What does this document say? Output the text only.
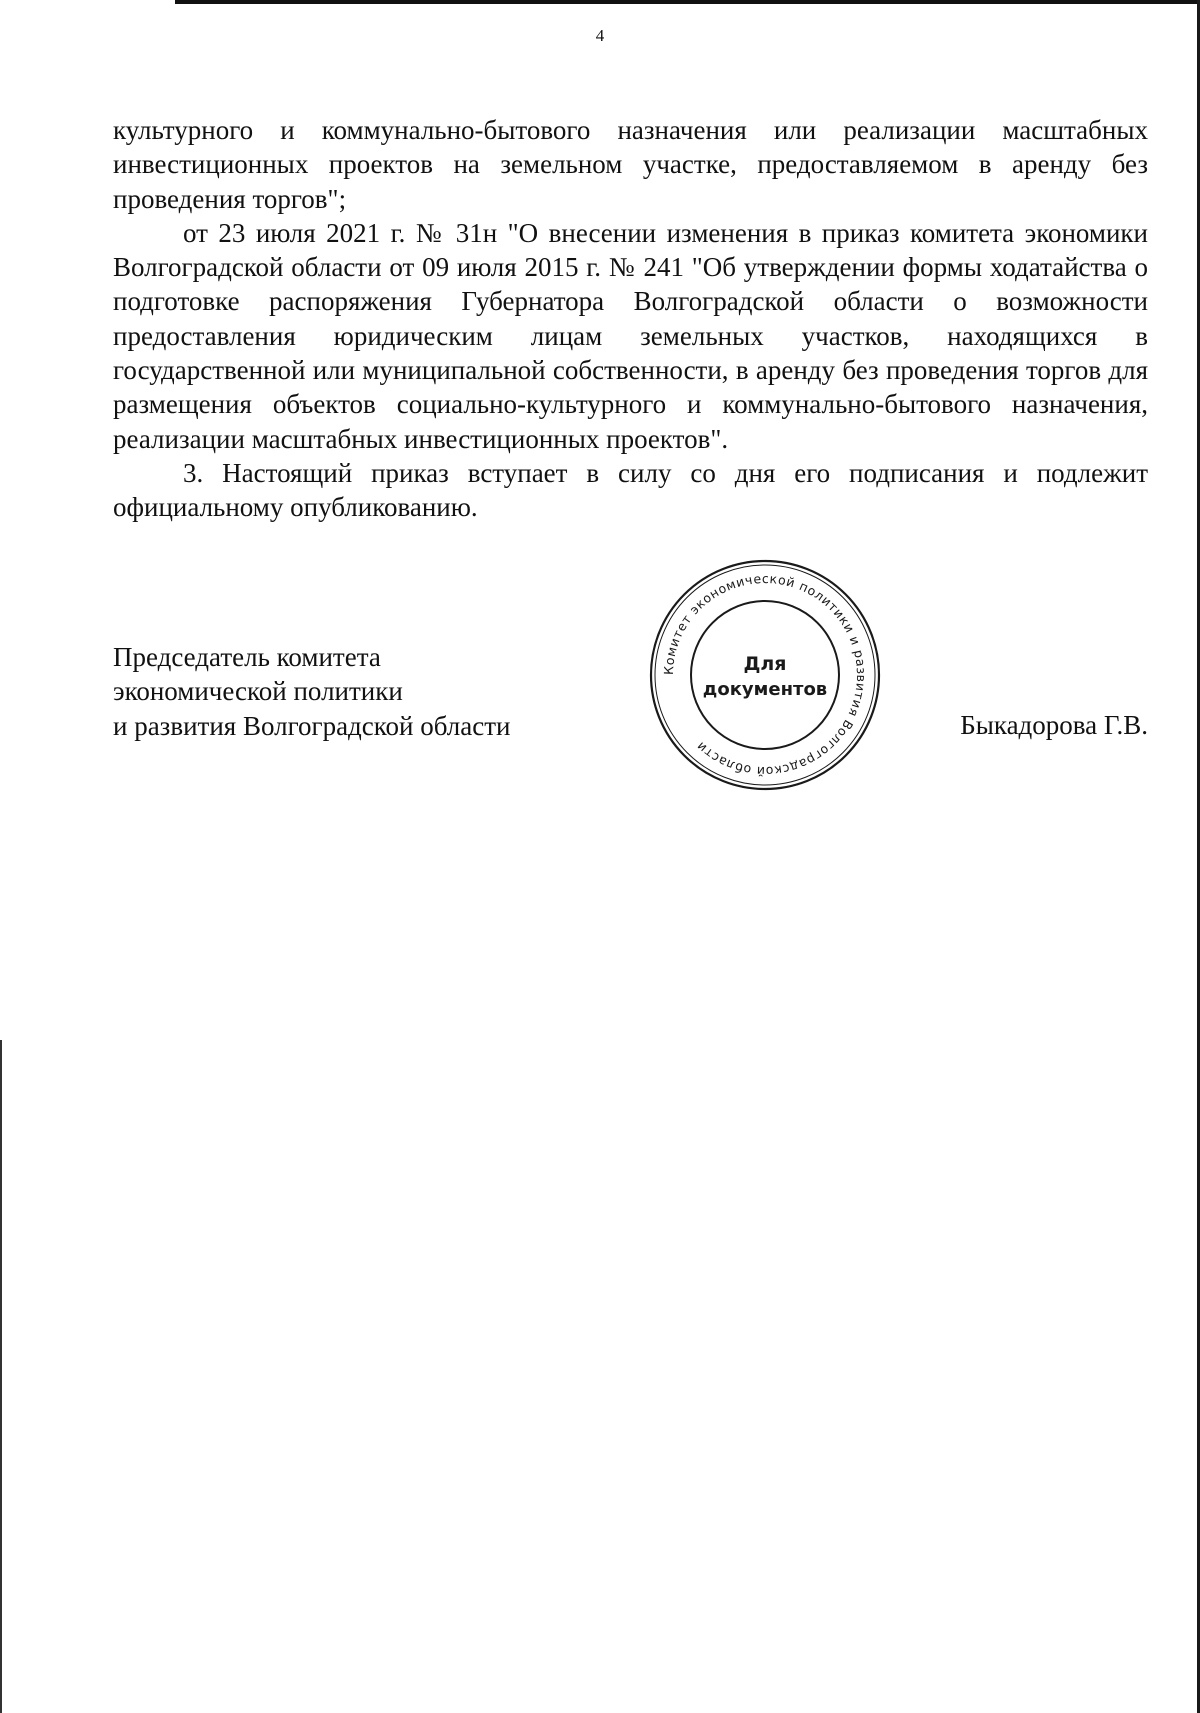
4

культурного и коммунально-бытового назначения или реализации масштабных инвестиционных проектов на земельном участке, предоставляемом в аренду без проведения торгов";

от 23 июля 2021 г. № 31н "О внесении изменения в приказ комитета экономики Волгоградской области от 09 июля 2015 г. № 241 "Об утверждении формы ходатайства о подготовке распоряжения Губернатора Волгоградской области о возможности предоставления юридическим лицам земельных участков, находящихся в государственной или муниципальной собственности, в аренду без проведения торгов для размещения объектов социально-культурного и коммунально-бытового назначения, реализации масштабных инвестиционных проектов".

3. Настоящий приказ вступает в силу со дня его подписания и подлежит официальному опубликованию.

Председатель комитета
экономической политики
и развития Волгоградской области
Комитет экономической политики и развития Волгоградской области
Для
документов
Быкадорова Г.В.
